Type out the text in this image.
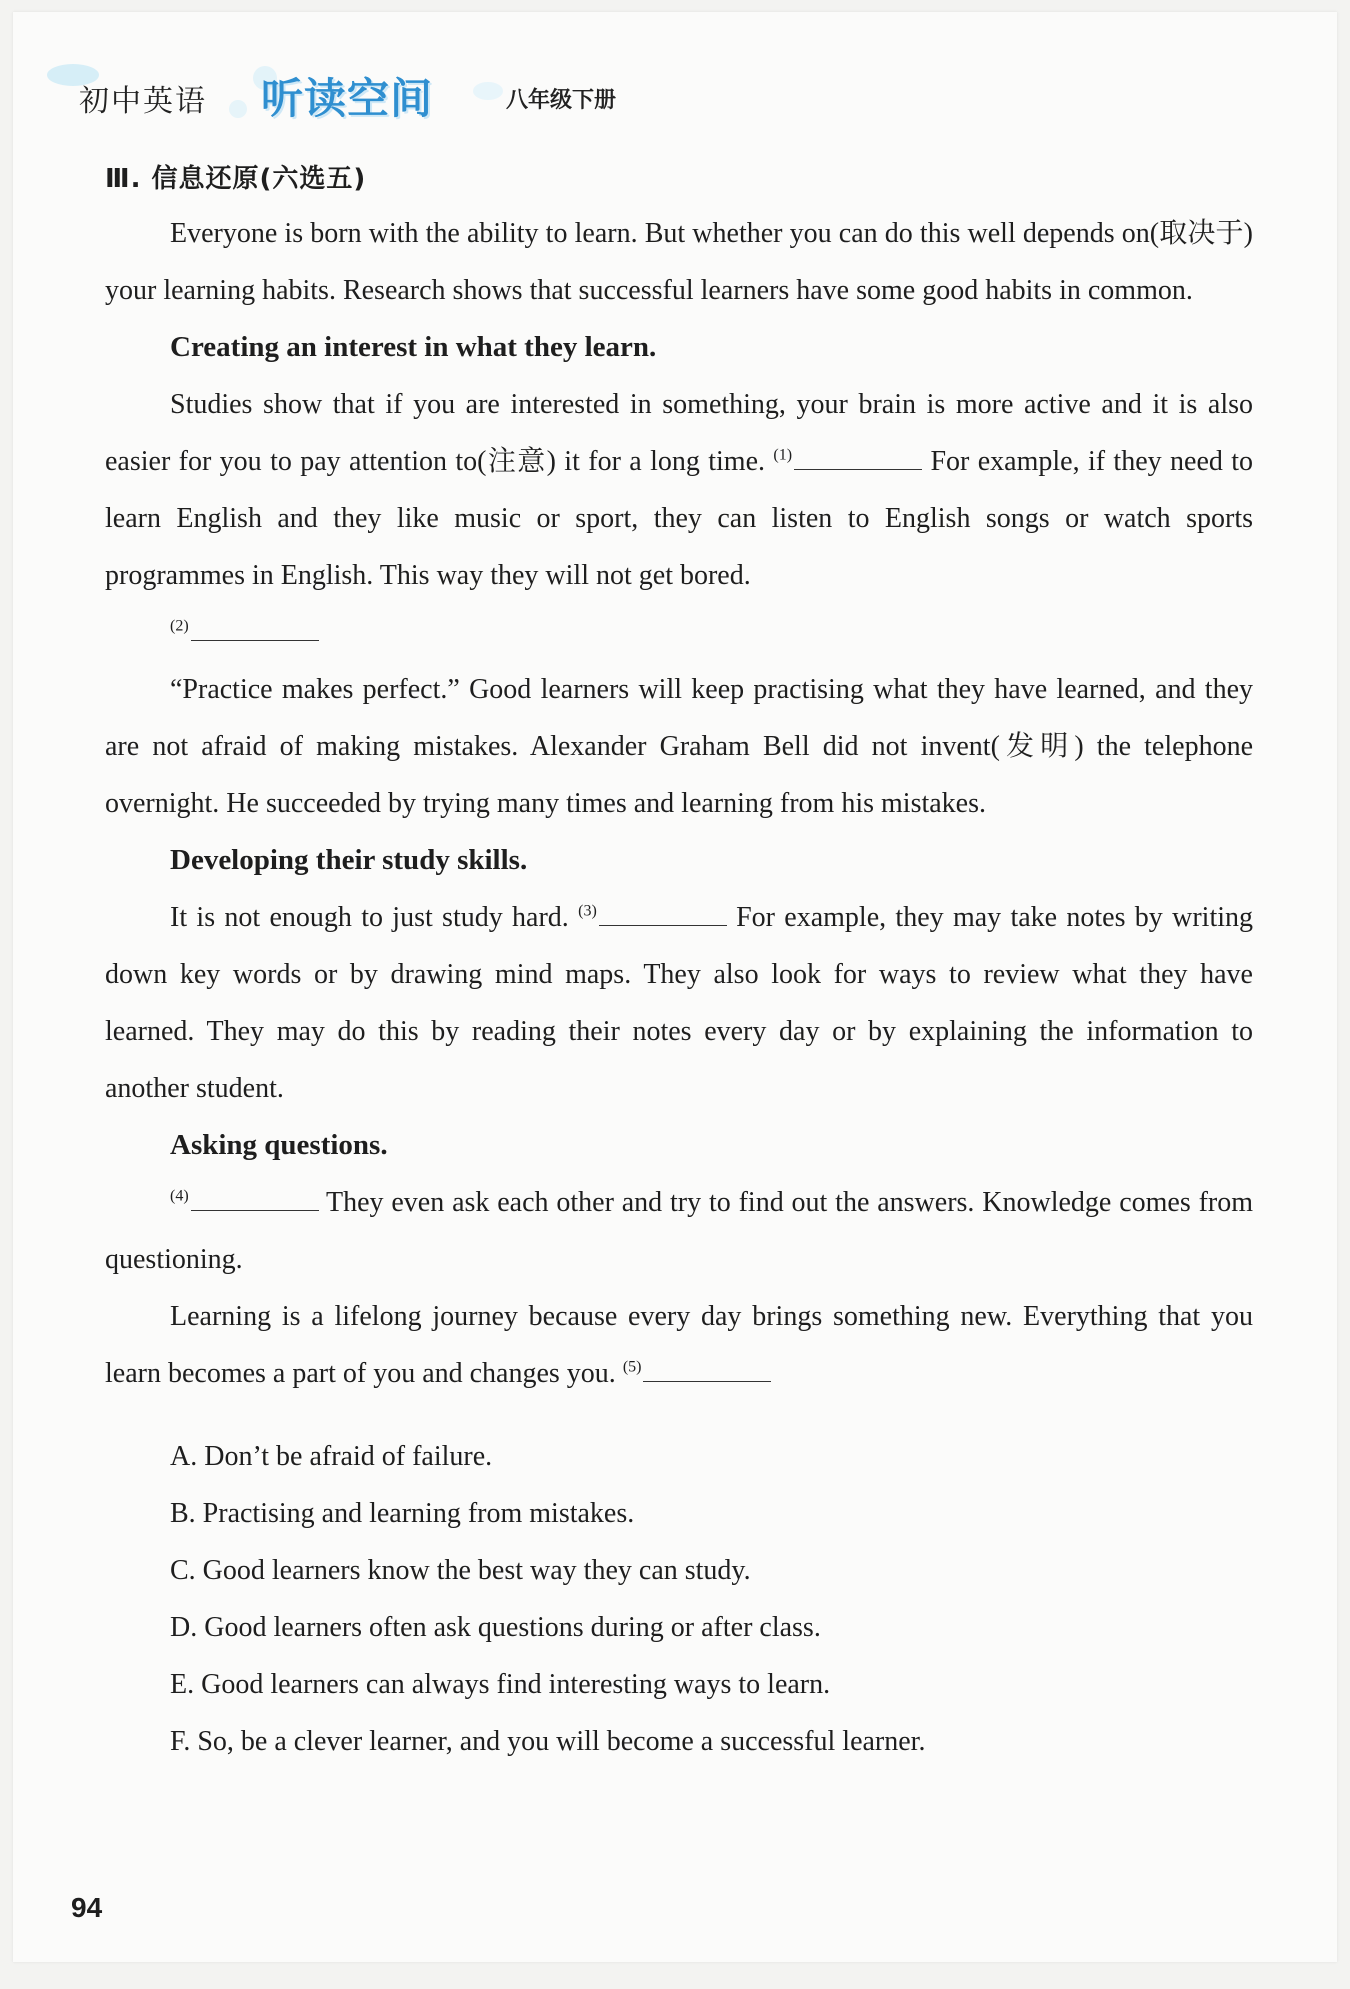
初中英语 听读空间	八年级下册
Ⅲ. 信息还原(六选五)

Everyone is born with the ability to learn. But whether you can do this well depends on(取决于) your learning habits. Research shows that successful learners have some good habits in common.

Creating an interest in what they learn.

Studies show that if you are interested in something, your brain is more active and it is also easier for you to pay attention to(注意) it for a long time. $^{(1)}$	For example, if they need to learn English and they like music or sport, they can listen to English songs or watch sports programmes in English. This way they will not get bored.

$^{(2)}$

“Practice makes perfect.” Good learners will keep practising what they have learned, and they are not afraid of making mistakes. Alexander Graham Bell did not invent(发明) the telephone overnight. He succeeded by trying many times and learning from his mistakes.

Developing their study skills.

It is not enough to just study hard. $^{(3)}$	For example, they may take notes by writing down key words or by drawing mind maps. They also look for ways to review what they have learned. They may do this by reading their notes every day or by explaining the information to another student.

Asking questions.

$^{(4)}$	They even ask each other and try to find out the answers. Knowledge comes from questioning.

Learning is a lifelong journey because every day brings something new. Everything that you learn becomes a part of you and changes you. $^{(5)}$

A. Don’t be afraid of failure.
B. Practising and learning from mistakes.
C. Good learners know the best way they can study.
D. Good learners often ask questions during or after class.
E. Good learners can always find interesting ways to learn.
F. So, be a clever learner, and you will become a successful learner.
94
